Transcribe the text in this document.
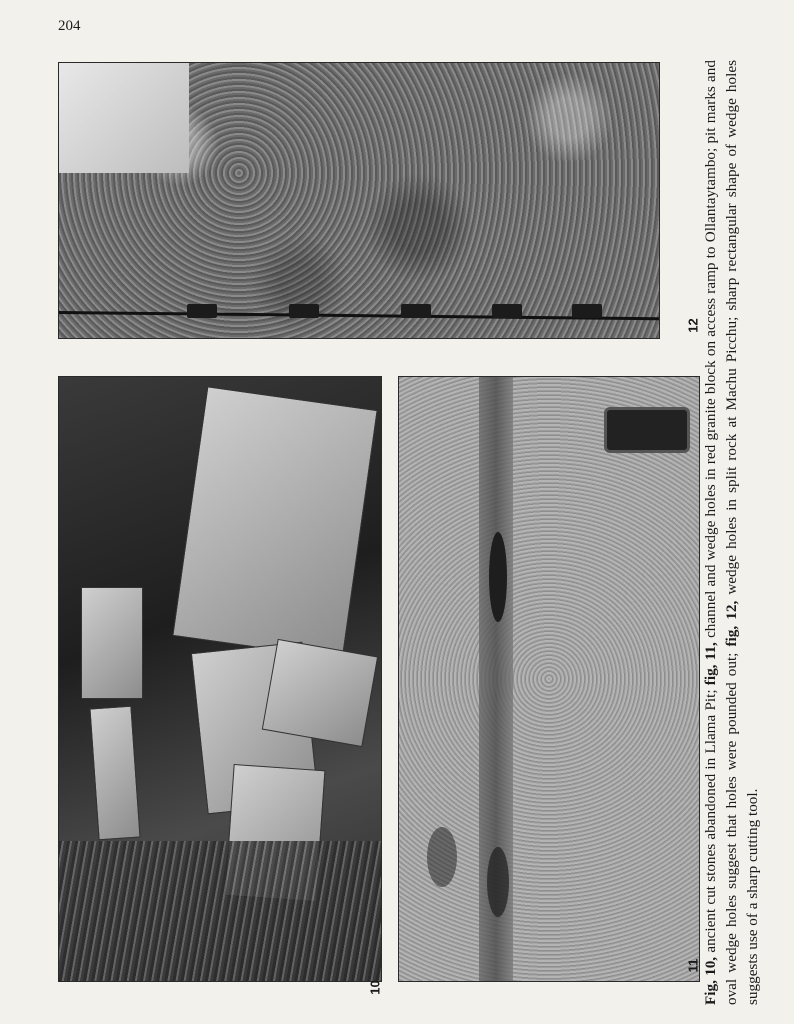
204
12
10
11 Fig, 10, ancient cut stones abandoned in Llama Pit; fig, 11, channel and wedge holes in red granite block on access ramp to Ollantaytambo; pit marks and oval wedge holes suggest that holes were pounded out; fig, 12, wedge holes in split rock at Machu Picchu; sharp rectangular shape of wedge holes suggests use of a sharp cutting tool.
